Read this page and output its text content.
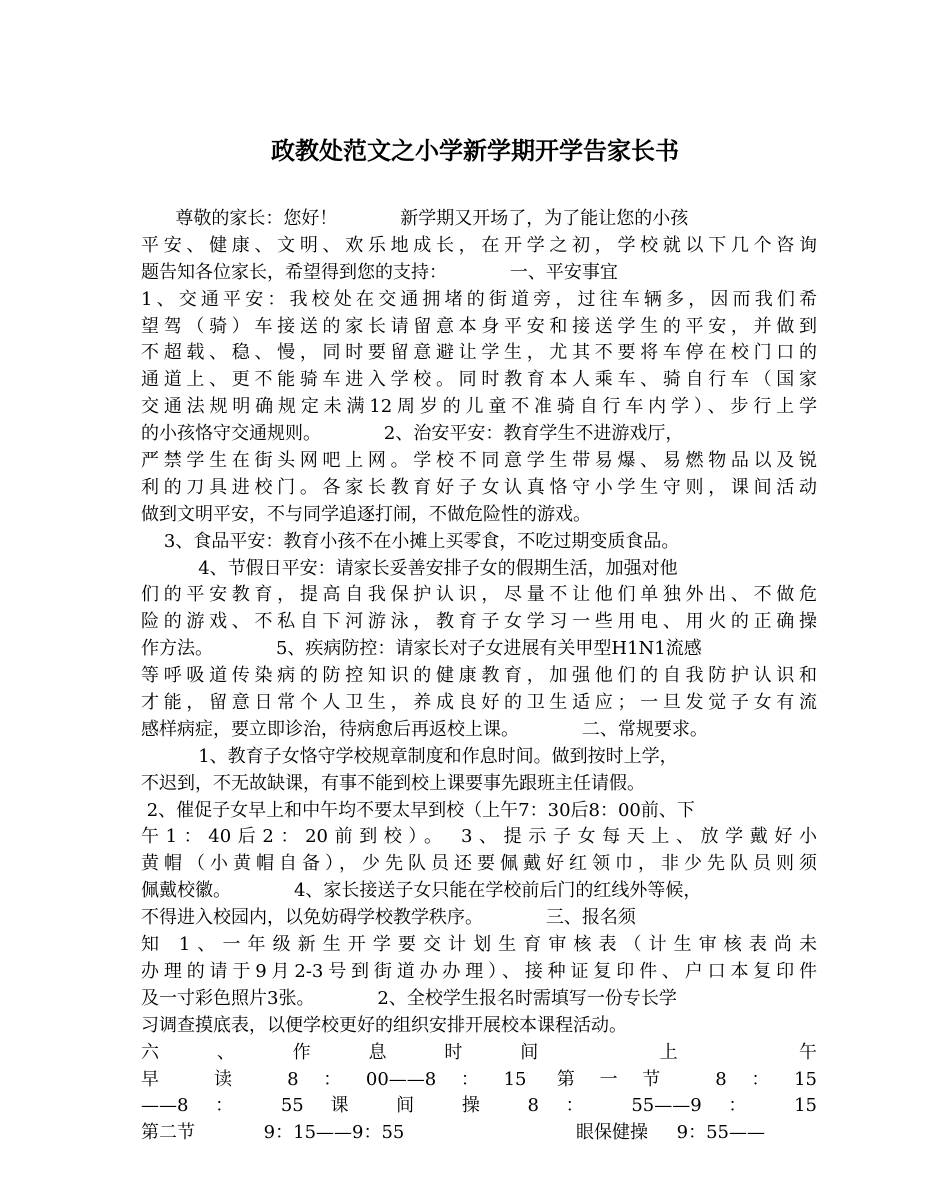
政教处范文之小学新学期开学告家长书
尊敬的家长：您好！           新学期又开场了，为了能让您的小孩
平安、健康、文明、欢乐地成长，在开学之初，学校就以下几个咨询
题告知各位家长，希望得到您的支持：           一、平安事宜
1、交通平安：我校处在交通拥堵的街道旁，过往车辆多，因而我们希
望驾（骑）车接送的家长请留意本身平安和接送学生的平安，并做到
不超载、稳、慢，同时要留意避让学生，尤其不要将车停在校门口的
通道上、更不能骑车进入学校。同时教育本人乘车、骑自行车（国家
交通法规明确规定未满12周岁的儿童不准骑自行车内学）、步行上学
的小孩恪守交通规则。           2、治安平安：教育学生不进游戏厅，
严禁学生在街头网吧上网。学校不同意学生带易爆、易燃物品以及锐
利的刀具进校门。各家长教育好子女认真恪守小学生守则，课间活动
做到文明平安，不与同学追逐打闹，不做危险性的游戏。
3、食品平安：教育小孩不在小摊上买零食，不吃过期变质食品。
4、节假日平安：请家长妥善安排子女的假期生活，加强对他
们的平安教育，提高自我保护认识，尽量不让他们单独外出、不做危
险的游戏、不私自下河游泳，教育子女学习一些用电、用火的正确操
作方法。           5、疾病防控：请家长对子女进展有关甲型H1N1流感
等呼吸道传染病的防控知识的健康教育，加强他们的自我防护认识和
才能，留意日常个人卫生，养成良好的卫生适应；一旦发觉子女有流
感样病症，要立即诊治，待病愈后再返校上课。           二、常规要求。
1、教育子女恪守学校规章制度和作息时间。做到按时上学，
不迟到，不无故缺课，有事不能到校上课要事先跟班主任请假。
2、催促子女早上和中午均不要太早到校（上午7：30后8：00前、下
午1：40后2：20前到校）。 3、提示子女每天上、放学戴好小
黄帽（小黄帽自备），少先队员还要佩戴好红领巾，非少先队员则须
佩戴校徽。           4、家长接送子女只能在学校前后门的红线外等候，
不得进入校园内，以免妨碍学校教学秩序。           三、报名须
知 1、一年级新生开学要交计划生育审核表（计生审核表尚未
办理的请于9月2-3号到街道办办理）、接种证复印件、户口本复印件
及一寸彩色照片3张。           2、全校学生报名时需填写一份专长学
习调查摸底表，以便学校更好的组织安排开展校本课程活动。
六、作息时间 上 午
早 读 8：00——8：15 第一节 8：15
——8 ： 55 课 间 操 8 ： 55——9 ： 15
第二节            9：15——9：55                              眼保健操     9：55——
